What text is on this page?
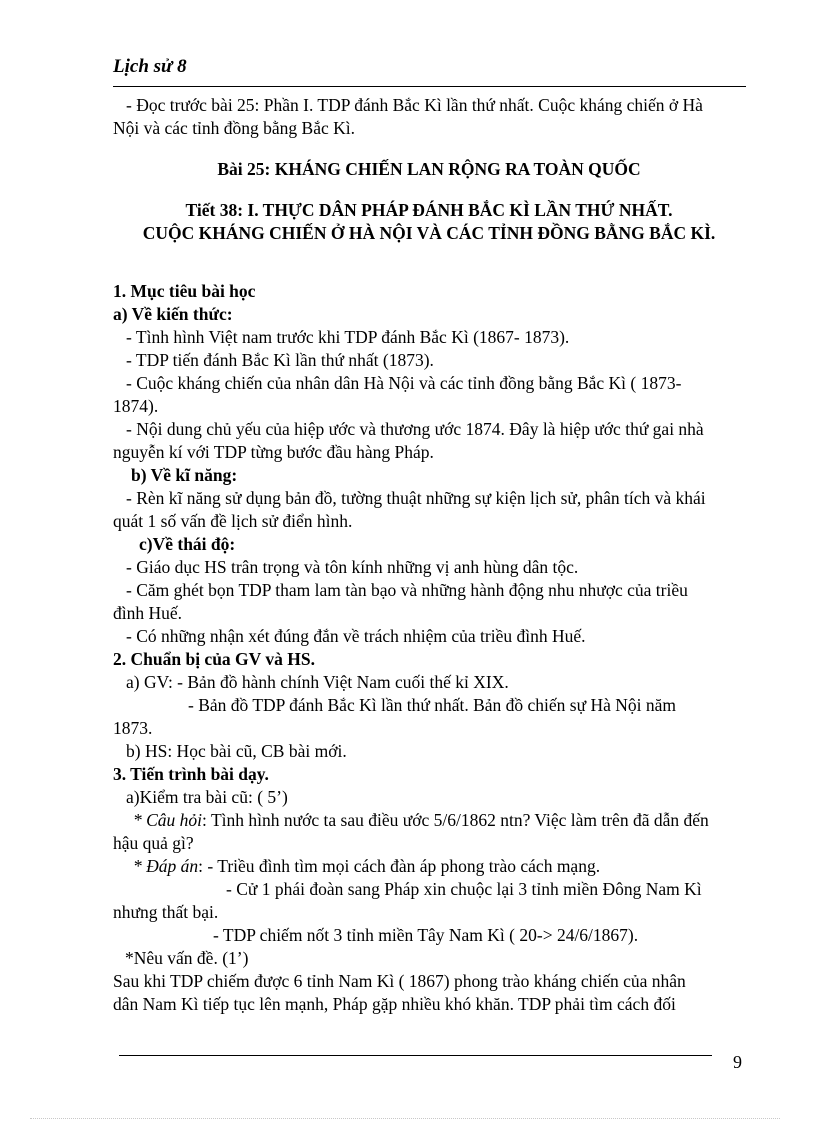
Lịch sử 8

- Đọc trước bài 25: Phần I. TDP đánh Bắc Kì lần thứ nhất. Cuộc kháng chiến ở Hà

Nội và các tỉnh đồng bằng Bắc Kì.

Bài 25: KHÁNG CHIẾN LAN RỘNG RA TOÀN QUỐC

Tiết 38: I. THỰC DÂN PHÁP ĐÁNH BẮC KÌ LẦN THỨ NHẤT.

CUỘC KHÁNG CHIẾN Ở HÀ NỘI VÀ CÁC TỈNH ĐỒNG BẰNG BẮC KÌ.

1. Mục tiêu bài học

a) Về kiến thức:

- Tình hình Việt nam trước khi TDP đánh Bắc Kì (1867- 1873).

- TDP tiến đánh Bắc Kì lần thứ nhất (1873).

- Cuộc kháng chiến của nhân dân Hà Nội và các tỉnh đồng bằng Bắc Kì ( 1873-

1874).

- Nội dung chủ yếu của hiệp ước và thương ước 1874. Đây là hiệp ước thứ gai nhà

nguyễn kí với TDP từng bước đầu hàng Pháp.

b) Về kĩ năng:

- Rèn kĩ năng sử dụng bản đồ, tường thuật những sự kiện lịch sử, phân tích và khái

quát 1 số vấn đề lịch sử điển hình.

c)Về thái độ:

- Giáo dục HS trân trọng và tôn kính những vị anh hùng dân tộc.

- Căm ghét bọn TDP tham lam tàn bạo và những hành động nhu nhược của triều

đình Huế.

- Có những nhận xét đúng đắn về trách nhiệm của triều đình Huế.

2. Chuẩn bị của GV và HS.

a) GV: - Bản đồ hành chính Việt Nam cuối thế kỉ XIX.

- Bản đồ TDP đánh Bắc Kì lần thứ nhất. Bản đồ chiến sự Hà Nội năm

1873.

b) HS: Học bài cũ, CB bài mới.

3. Tiến trình bài dạy.

a)Kiểm tra bài cũ: ( 5’)

* Câu hỏi: Tình hình nước ta sau điều ước 5/6/1862 ntn? Việc làm trên đã dẫn đến

hậu quả gì?

* Đáp án: - Triều đình tìm mọi cách đàn áp phong trào cách mạng.

- Cử 1 phái đoàn sang Pháp xin chuộc lại 3 tỉnh miền Đông Nam Kì

nhưng thất bại.

- TDP chiếm nốt 3 tỉnh miền Tây Nam Kì ( 20-> 24/6/1867).

*Nêu vấn đề. (1’)

Sau khi TDP chiếm được 6 tỉnh Nam Kì ( 1867) phong trào kháng chiến của nhân

dân Nam Kì tiếp tục lên mạnh, Pháp gặp nhiều khó khăn. TDP phải tìm cách đối

9
